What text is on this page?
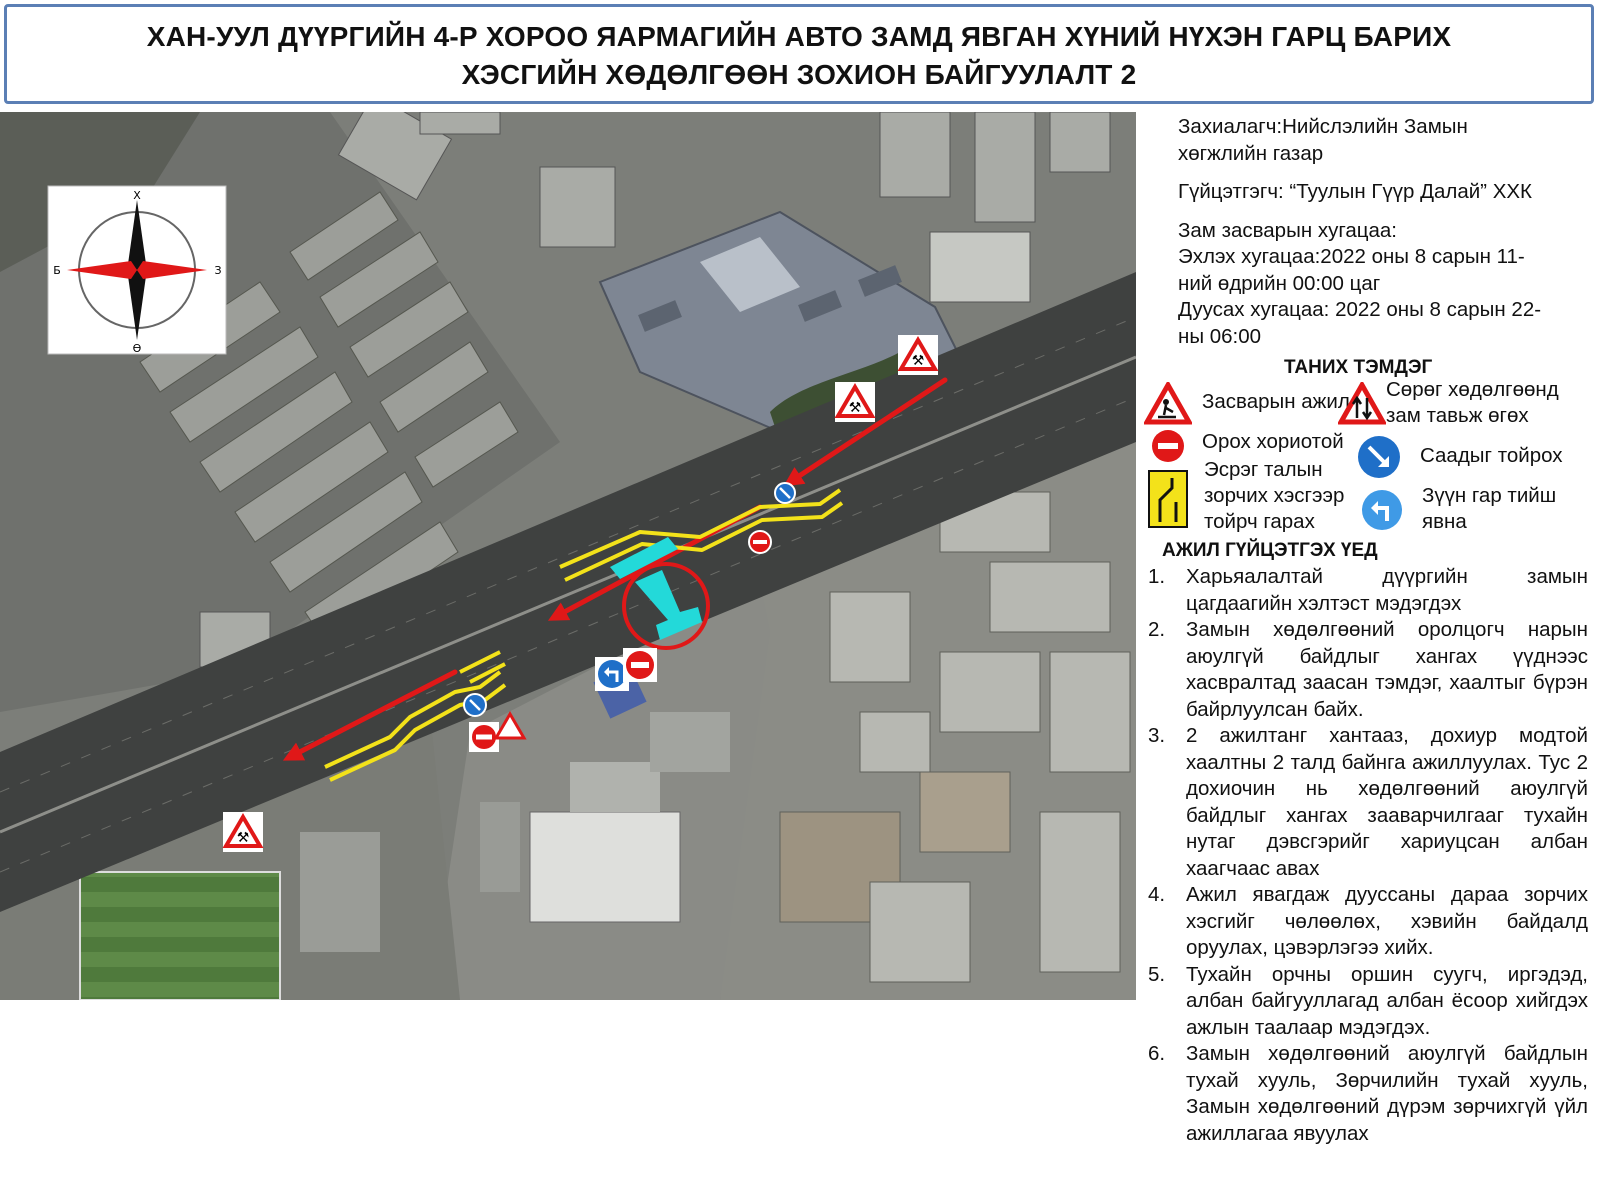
ХАН-УУЛ ДҮҮРГИЙН 4-Р ХОРОО ЯАРМАГИЙН АВТО ЗАМД ЯВГАН ХҮНИЙ НҮХЭН ГАРЦ БАРИХ
ХЭСГИЙН ХӨДӨЛГӨӨН ЗОХИОН БАЙГУУЛАЛТ 2
⚒
⚒
⚒
Х
Ө
Б	З

Захиалагч:Нийслэлийн Замын

хөгжлийн газар

Гүйцэтгэгч: “Туулын Гүүр Далай” ХХК

Зам засварын хугацаа:

Эхлэх хугацаа:2022 оны 8 сарын 11-

ний өдрийн 00:00 цаг

Дуусах хугацаа: 2022 оны 8 сарын 22-

ны 06:00

ТАНИХ ТЭМДЭГ
Засварын ажил
Сөрөг хөдөлгөөнд
зам тавьж өгөх
Орох хориотой
Саадыг тойрох
Эсрэг талын
зорчих хэсгээр
тойрч гарах
Зүүн гар тийш
явна
АЖИЛ ГҮЙЦЭТГЭХ ҮЕД
1. Харьяалалтай дүүргийн замын цагдаагийн хэлтэст мэдэгдэх
2. Замын хөдөлгөөний оролцогч нарын аюулгүй байдлыг хангах үүднээс хасвралтад заасан тэмдэг, хаалтыг бүрэн байрлуулсан байх.
3. 2 ажилтанг хантааз, дохиур модтой хаалтны 2 талд байнга ажиллуулах. Тус 2 дохиочин нь хөдөлгөөний аюулгүй байдлыг хангах зааварчилгааг тухайн нутаг дэвсгэрийг хариуцсан албан хаагчаас авах
4. Ажил явагдаж дууссаны дараа зорчих хэсгийг чөлөөлөх, хэвийн байдалд оруулах, цэвэрлэгээ хийх.
5. Тухайн орчны оршин суугч, иргэдэд, албан байгууллагад албан ёсоор хийгдэх ажлын таалаар мэдэгдэх.
6. Замын хөдөлгөөний аюулгүй байдлын тухай хууль, Зөрчилийн тухай хууль, Замын хөдөлгөөний дүрэм зөрчихгүй үйл ажиллагаа явуулах
